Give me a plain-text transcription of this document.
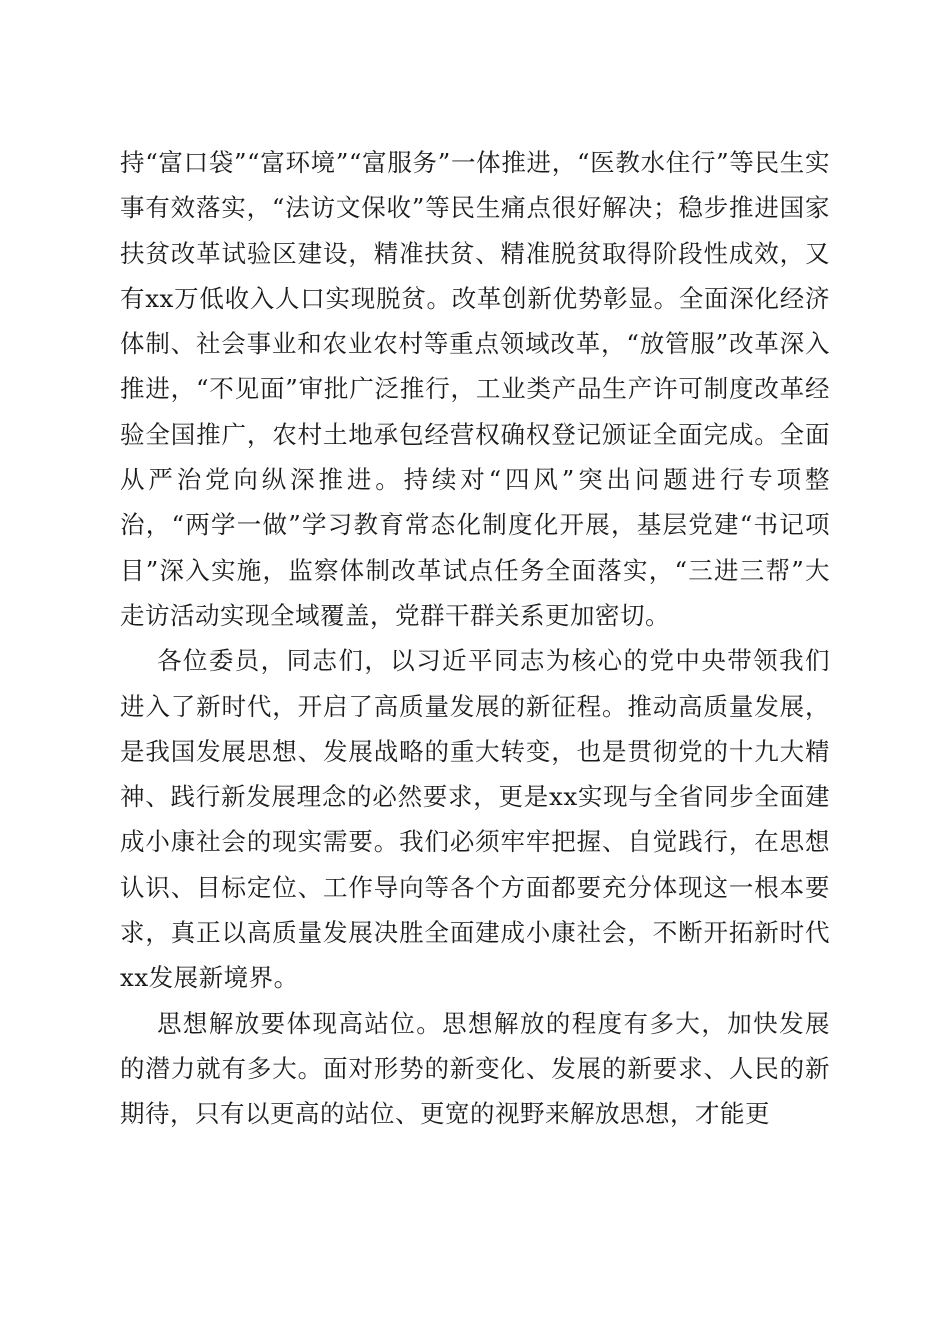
持“富口袋”“富环境”“富服务”一体推进，“医教水住行”等民生实事有效落实，“法访文保收”等民生痛点很好解决；稳步推进国家扶贫改革试验区建设，精准扶贫、精准脱贫取得阶段性成效，又有xx万低收入人口实现脱贫。改革创新优势彰显。全面深化经济体制、社会事业和农业农村等重点领域改革，“放管服”改革深入推进，“不见面”审批广泛推行，工业类产品生产许可制度改革经验全国推广，农村土地承包经营权确权登记颁证全面完成。全面从严治党向纵深推进。持续对“四风”突出问题进行专项整治，“两学一做”学习教育常态化制度化开展，基层党建“书记项目”深入实施，监察体制改革试点任务全面落实，“三进三帮”大走访活动实现全域覆盖，党群干群关系更加密切。

各位委员，同志们，以习近平同志为核心的党中央带领我们进入了新时代，开启了高质量发展的新征程。推动高质量发展，是我国发展思想、发展战略的重大转变，也是贯彻党的十九大精神、践行新发展理念的必然要求，更是xx实现与全省同步全面建成小康社会的现实需要。我们必须牢牢把握、自觉践行，在思想认识、目标定位、工作导向等各个方面都要充分体现这一根本要求，真正以高质量发展决胜全面建成小康社会，不断开拓新时代xx发展新境界。

思想解放要体现高站位。思想解放的程度有多大，加快发展的潜力就有多大。面对形势的新变化、发展的新要求、人民的新期待，只有以更高的站位、更宽的视野来解放思想，才能更
